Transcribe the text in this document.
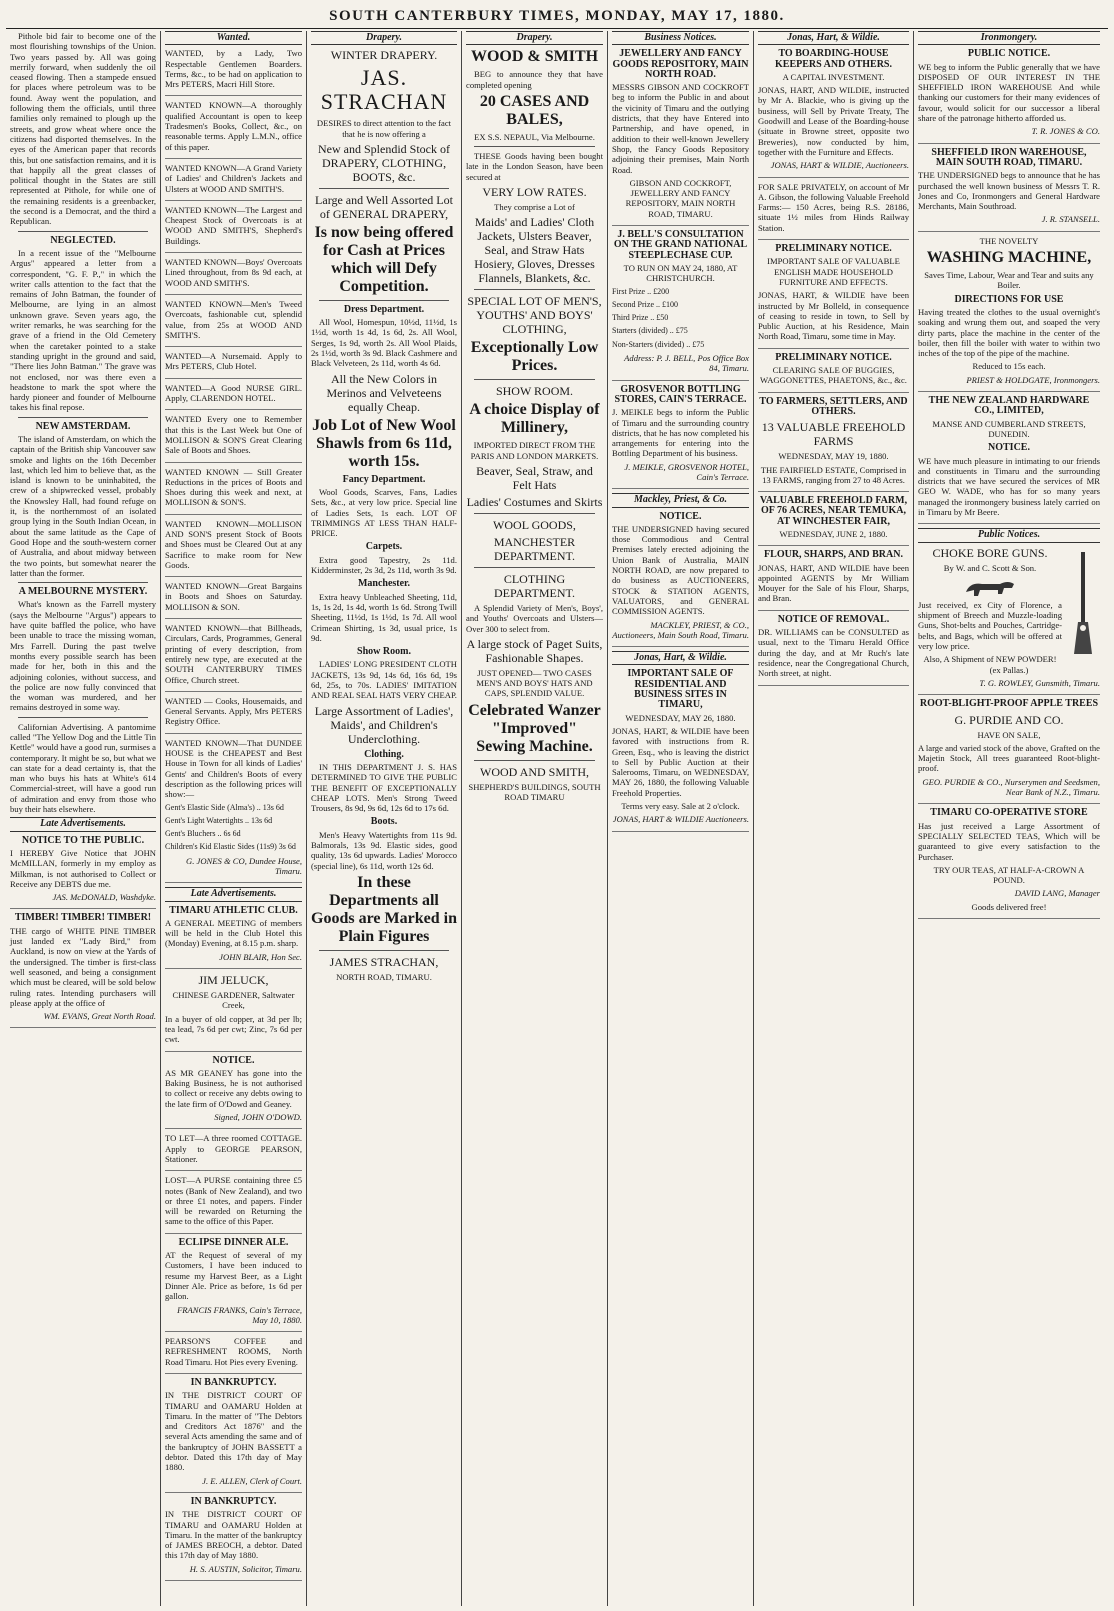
SOUTH CANTERBURY TIMES, MONDAY, MAY 17, 1880.

Pithole bid fair to become one of the most flourishing townships of the Union. Two years passed by. All was going merrily forward, when suddenly the oil ceased flowing. Then a stampede ensued for places where petroleum was to be found. Away went the population, and following them the officials, until three families only remained to plough up the streets, and grow wheat where once the citizens had disported themselves. In the eyes of the American paper that records this, but one satisfaction remains, and it is that happily all the great classes of political thought in the States are still represented at Pithole, for while one of the remaining residents is a greenbacker, the second is a Democrat, and the third a Republican.

NEGLECTED.

In a recent issue of the "Melbourne Argus" appeared a letter from a correspondent, "G. F. P.," in which the writer calls attention to the fact that the remains of John Batman, the founder of Melbourne, are lying in an almost unknown grave. Seven years ago, the writer remarks, he was searching for the grave of a friend in the Old Cemetery when the caretaker pointed to a stake standing upright in the ground and said, "There lies John Batman." The grave was not enclosed, nor was there even a headstone to mark the spot where the hardy pioneer and founder of Melbourne takes his final repose.

NEW AMSTERDAM.

The island of Amsterdam, on which the captain of the British ship Vancouver saw smoke and lights on the 16th December last, which led him to believe that, as the island is known to be uninhabited, the crew of a shipwrecked vessel, probably the Knowsley Hall, had found refuge on it, is the northernmost of an isolated group lying in the South Indian Ocean, in about the same latitude as the Cape of Good Hope and the south-western corner of Australia, and about midway between the two points, but somewhat nearer the latter than the former.

A MELBOURNE MYSTERY.

What's known as the Farrell mystery (says the Melbourne "Argus") appears to have quite baffled the police, who have been unable to trace the missing woman, Mrs Farrell. During the past twelve months every possible search has been made for her, both in this and the adjoining colonies, without success, and the police are now fully convinced that the woman was murdered, and her remains destroyed in some way.

Californian Advertising. A pantomime called "The Yellow Dog and the Little Tin Kettle" would have a good run, surmises a contemporary. It might be so, but what we can state for a dead certainty is, that the man who buys his hats at White's 614 Commercial-street, will have a good run of admiration and envy from those who buy their hats elsewhere.

Late Advertisements.
NOTICE TO THE PUBLIC.

I HEREBY Give Notice that JOHN McMILLAN, formerly in my employ as Milkman, is not authorised to Collect or Receive any DEBTS due me.

JAS. McDONALD, Washdyke.

TIMBER! TIMBER! TIMBER!

THE cargo of WHITE PINE TIMBER just landed ex "Lady Bird," from Auckland, is now on view at the Yards of the undersigned. The timber is first-class well seasoned, and being a consignment which must be cleared, will be sold below ruling rates. Intending purchasers will please apply at the office of

WM. EVANS, Great North Road.

Wanted.

WANTED, by a Lady, Two Respectable Gentlemen Boarders. Terms, &c., to be had on application to Mrs PETERS, Macri Hill Store.

WANTED KNOWN—A thoroughly qualified Accountant is open to keep Tradesmen's Books, Collect, &c., on reasonable terms. Apply L.M.N., office of this paper.

WANTED KNOWN—A Grand Variety of Ladies' and Children's Jackets and Ulsters at WOOD AND SMITH'S.

WANTED KNOWN—The Largest and Cheapest Stock of Overcoats is at WOOD AND SMITH'S, Shepherd's Buildings.

WANTED KNOWN—Boys' Overcoats Lined throughout, from 8s 9d each, at WOOD AND SMITH'S.

WANTED KNOWN—Men's Tweed Overcoats, fashionable cut, splendid value, from 25s at WOOD AND SMITH'S.

WANTED—A Nursemaid. Apply to Mrs PETERS, Club Hotel.

WANTED—A Good NURSE GIRL. Apply, CLARENDON HOTEL.

WANTED Every one to Remember that this is the Last Week but One of MOLLISON & SON'S Great Clearing Sale of Boots and Shoes.

WANTED KNOWN — Still Greater Reductions in the prices of Boots and Shoes during this week and next, at MOLLISON & SON'S.

WANTED KNOWN—MOLLISON AND SON'S present Stock of Boots and Shoes must be Cleared Out at any Sacrifice to make room for New Goods.

WANTED KNOWN—Great Bargains in Boots and Shoes on Saturday. MOLLISON & SON.

WANTED KNOWN—that Billheads, Circulars, Cards, Programmes, General printing of every description, from entirely new type, are executed at the SOUTH CANTERBURY TIMES Office, Church street.

WANTED — Cooks, Housemaids, and General Servants. Apply, Mrs PETERS Registry Office.

WANTED KNOWN—That DUNDEE HOUSE is the CHEAPEST and Best House in Town for all kinds of Ladies' Gents' and Children's Boots of every description as the following prices will show:—

Gent's Elastic Side (Alma's) .. 13s 6d

Gent's Light Watertights .. 13s 6d

Gent's Bluchers .. 6s 6d

Children's Kid Elastic Sides (11s9) 3s 6d

G. JONES & CO, Dundee House, Timaru.

Late Advertisements.
TIMARU ATHLETIC CLUB.

A GENERAL MEETING of members will be held in the Club Hotel this (Monday) Evening, at 8.15 p.m. sharp.

JOHN BLAIR, Hon Sec.

JIM JELUCK,

CHINESE GARDENER, Saltwater Creek,

In a buyer of old copper, at 3d per lb; tea lead, 7s 6d per cwt; Zinc, 7s 6d per cwt.

NOTICE.

AS MR GEANEY has gone into the Baking Business, he is not authorised to collect or receive any debts owing to the late firm of O'Dowd and Geaney.

Signed, JOHN O'DOWD.

TO LET—A three roomed COTTAGE. Apply to GEORGE PEARSON, Stationer.

LOST—A PURSE containing three £5 notes (Bank of New Zealand), and two or three £1 notes, and papers. Finder will be rewarded on Returning the same to the office of this Paper.

ECLIPSE DINNER ALE.

AT the Request of several of my Customers, I have been induced to resume my Harvest Beer, as a Light Dinner Ale. Price as before, 1s 6d per gallon.

FRANCIS FRANKS, Cain's Terrace, May 10, 1880.

PEARSON'S COFFEE and REFRESHMENT ROOMS, North Road Timaru. Hot Pies every Evening.

IN BANKRUPTCY.

IN THE DISTRICT COURT OF TIMARU and OAMARU Holden at Timaru. In the matter of "The Debtors and Creditors Act 1876" and the several Acts amending the same and of the bankruptcy of JOHN BASSETT a debtor. Dated this 17th day of May 1880.

J. E. ALLEN, Clerk of Court.

IN BANKRUPTCY.

IN THE DISTRICT COURT OF TIMARU and OAMARU Holden at Timaru. In the matter of the bankruptcy of JAMES BREOCH, a debtor. Dated this 17th day of May 1880.

H. S. AUSTIN, Solicitor, Timaru.

Drapery.
WINTER DRAPERY.
JAS. STRACHAN

DESIRES to direct attention to the fact that he is now offering a

New and Splendid Stock of DRAPERY, CLOTHING, BOOTS, &c.
Large and Well Assorted Lot of GENERAL DRAPERY,
Is now being offered for Cash at Prices which will Defy Competition.
Dress Department.

All Wool, Homespun, 10½d, 11½d, 1s 1½d, worth 1s 4d, 1s 6d, 2s. All Wool, Serges, 1s 9d, worth 2s. All Wool Plaids, 2s 1½d, worth 3s 9d. Black Cashmere and Black Velveteen, 2s 11d, worth 4s 6d.

All the New Colors in Merinos and Velveteens equally Cheap.
Job Lot of New Wool Shawls from 6s 11d, worth 15s.
Fancy Department.

Wool Goods, Scarves, Fans, Ladies Sets, &c., at very low price. Special line of Ladies Sets, 1s each. LOT OF TRIMMINGS AT LESS THAN HALF-PRICE.

Carpets.

Extra good Tapestry, 2s 11d. Kidderminster, 2s 3d, 2s 11d, worth 3s 9d.

Manchester.

Extra heavy Unbleached Sheeting, 11d, 1s, 1s 2d, 1s 4d, worth 1s 6d. Strong Twill Sheeting, 11½d, 1s 1½d, 1s 7d. All wool Crimean Shirting, 1s 3d, usual price, 1s 9d.

Show Room.

LADIES' LONG PRESIDENT CLOTH JACKETS, 13s 9d, 14s 6d, 16s 6d, 19s 6d, 25s, to 70s. LADIES' IMITATION AND REAL SEAL HATS VERY CHEAP.

Large Assortment of Ladies', Maids', and Children's Underclothing.
Clothing.

IN THIS DEPARTMENT J. S. HAS DETERMINED TO GIVE THE PUBLIC THE BENEFIT OF EXCEPTIONALLY CHEAP LOTS. Men's Strong Tweed Trousers, 8s 9d, 9s 6d, 12s 6d to 17s 6d.

Boots.

Men's Heavy Watertights from 11s 9d. Balmorals, 13s 9d. Elastic sides, good quality, 13s 6d upwards. Ladies' Morocco (special line), 6s 11d, worth 12s 6d.

In these Departments all Goods are Marked in Plain Figures
JAMES STRACHAN,

NORTH ROAD, TIMARU.

Drapery.
WOOD & SMITH

BEG to announce they that have completed opening

20 CASES AND BALES,

EX S.S. NEPAUL, Via Melbourne.

THESE Goods having been bought late in the London Season, have been secured at

VERY LOW RATES.

They comprise a Lot of

Maids' and Ladies' Cloth Jackets, Ulsters Beaver, Seal, and Straw Hats Hosiery, Gloves, Dresses Flannels, Blankets, &c.
SPECIAL LOT OF MEN'S, YOUTHS' AND BOYS' CLOTHING,
Exceptionally Low Prices.
SHOW ROOM.
A choice Display of Millinery,

IMPORTED DIRECT FROM THE PARIS AND LONDON MARKETS.

Beaver, Seal, Straw, and Felt Hats
Ladies' Costumes and Skirts
WOOL GOODS,
MANCHESTER DEPARTMENT.
CLOTHING DEPARTMENT.

A Splendid Variety of Men's, Boys', and Youths' Overcoats and Ulsters—Over 300 to select from.

A large stock of Paget Suits, Fashionable Shapes.

JUST OPENED— TWO CASES MEN'S AND BOYS' HATS AND CAPS, SPLENDID VALUE.

Celebrated Wanzer "Improved" Sewing Machine.
WOOD AND SMITH,

SHEPHERD'S BUILDINGS, SOUTH ROAD TIMARU

Business Notices.
JEWELLERY AND FANCY GOODS REPOSITORY, MAIN NORTH ROAD.

MESSRS GIBSON AND COCKROFT beg to inform the Public in and about the vicinity of Timaru and the outlying districts, that they have Entered into Partnership, and have opened, in addition to their well-known Jewellery Shop, the Fancy Goods Repository adjoining their premises, Main North Road.

GIBSON AND COCKROFT, JEWELLERY AND FANCY REPOSITORY, MAIN NORTH ROAD, TIMARU.

J. BELL'S CONSULTATION ON THE GRAND NATIONAL STEEPLECHASE CUP.

TO RUN ON MAY 24, 1880, AT CHRISTCHURCH.

First Prize .. £200

Second Prize .. £100

Third Prize .. £50

Starters (divided) .. £75

Non-Starters (divided) .. £75

Address: P. J. BELL, Pos Office Box 84, Timaru.

GROSVENOR BOTTLING STORES, CAIN'S TERRACE.

J. MEIKLE begs to inform the Public of Timaru and the surrounding country districts, that he has now completed his arrangements for entering into the Bottling Department of his business.

J. MEIKLE, GROSVENOR HOTEL, Cain's Terrace.

Mackley, Priest, & Co.
NOTICE.

THE UNDERSIGNED having secured those Commodious and Central Premises lately erected adjoining the Union Bank of Australia, MAIN NORTH ROAD, are now prepared to do business as AUCTIONEERS, STOCK & STATION AGENTS, VALUATORS, and GENERAL COMMISSION AGENTS.

MACKLEY, PRIEST, & CO., Auctioneers, Main South Road, Timaru.

Jonas, Hart, & Wildie.
IMPORTANT SALE OF RESIDENTIAL AND BUSINESS SITES IN TIMARU,

WEDNESDAY, MAY 26, 1880.

JONAS, HART, & WILDIE have been favored with instructions from R. Green, Esq., who is leaving the district to Sell by Public Auction at their Salerooms, Timaru, on WEDNESDAY, MAY 26, 1880, the following Valuable Freehold Properties.

Terms very easy. Sale at 2 o'clock.

JONAS, HART & WILDIE Auctioneers.

Jonas, Hart, & Wildie.
TO BOARDING-HOUSE KEEPERS AND OTHERS.

A CAPITAL INVESTMENT.

JONAS, HART, AND WILDIE, instructed by Mr A. Blackie, who is giving up the business, will Sell by Private Treaty, The Goodwill and Lease of the Boarding-house (situate in Browne street, opposite two Breweries), now conducted by him, together with the Furniture and Effects.

JONAS, HART & WILDIE, Auctioneers.

FOR SALE PRIVATELY, on account of Mr A. Gibson, the following Valuable Freehold Farms:— 150 Acres, being R.S. 28186, situate 1½ miles from Hinds Railway Station.

PRELIMINARY NOTICE.

IMPORTANT SALE OF VALUABLE ENGLISH MADE HOUSEHOLD FURNITURE AND EFFECTS.

JONAS, HART, & WILDIE have been instructed by Mr Bolleld, in consequence of ceasing to reside in town, to Sell by Public Auction, at his Residence, Main North Road, Timaru, some time in May.

PRELIMINARY NOTICE.

CLEARING SALE OF BUGGIES, WAGGONETTES, PHAETONS, &c., &c.

TO FARMERS, SETTLERS, AND OTHERS.
13 VALUABLE FREEHOLD FARMS

WEDNESDAY, MAY 19, 1880.

THE FAIRFIELD ESTATE, Comprised in 13 FARMS, ranging from 27 to 48 Acres.

VALUABLE FREEHOLD FARM, OF 76 ACRES, NEAR TEMUKA, AT WINCHESTER FAIR,

WEDNESDAY, JUNE 2, 1880.

FLOUR, SHARPS, AND BRAN.

JONAS, HART, AND WILDIE have been appointed AGENTS by Mr William Mouyer for the Sale of his Flour, Sharps, and Bran.

NOTICE OF REMOVAL.

DR. WILLIAMS can be CONSULTED as usual, next to the Timaru Herald Office during the day, and at Mr Ruch's late residence, near the Congregational Church, North street, at night.

Ironmongery.
PUBLIC NOTICE.

WE beg to inform the Public generally that we have DISPOSED OF OUR INTEREST IN THE SHEFFIELD IRON WAREHOUSE And while thanking our customers for their many evidences of favour, would solicit for our successor a liberal share of the patronage hitherto afforded us.

T. R. JONES & CO.

SHEFFIELD IRON WAREHOUSE, MAIN SOUTH ROAD, TIMARU.

THE UNDERSIGNED begs to announce that he has purchased the well known business of Messrs T. R. Jones and Co, Ironmongers and General Hardware Merchants, Main Southroad.

J. R. STANSELL.

THE NOVELTY

WASHING MACHINE,

Saves Time, Labour, Wear and Tear and suits any Boiler.

DIRECTIONS FOR USE

Having treated the clothes to the usual overnight's soaking and wrung them out, and soaped the very dirty parts, place the machine in the center of the boiler, then fill the boiler with water to within two inches of the top of the pipe of the machine.

Reduced to 15s each.

PRIEST & HOLDGATE, Ironmongers.

THE NEW ZEALAND HARDWARE CO., LIMITED,

MANSE AND CUMBERLAND STREETS, DUNEDIN.

NOTICE.

WE have much pleasure in intimating to our friends and constituents in Timaru and the surrounding districts that we have secured the services of MR GEO W. WADE, who has for so many years managed the ironmongery business lately carried on in Timaru by Mr Beere.

Public Notices.
CHOKE BORE GUNS.

By W. and C. Scott & Son.

Just received, ex City of Florence, a shipment of Breech and Muzzle-loading Guns, Shot-belts and Pouches, Cartridge-belts, and Bags, which will be offered at very low price.

Also, A Shipment of NEW POWDER! (ex Pallas.)

T. G. ROWLEY, Gunsmith, Timaru.

ROOT-BLIGHT-PROOF APPLE TREES
G. PURDIE AND CO.

HAVE ON SALE,

A large and varied stock of the above, Grafted on the Majetin Stock, All trees guaranteed Root-blight-proof.

GEO. PURDIE & CO., Nurserymen and Seedsmen, Near Bank of N.Z., Timaru.

TIMARU CO-OPERATIVE STORE

Has just received a Large Assortment of SPECIALLY SELECTED TEAS, Which will be guaranteed to give every satisfaction to the Purchaser.

TRY OUR TEAS, AT HALF-A-CROWN A POUND.

DAVID LANG, Manager

Goods delivered free!
